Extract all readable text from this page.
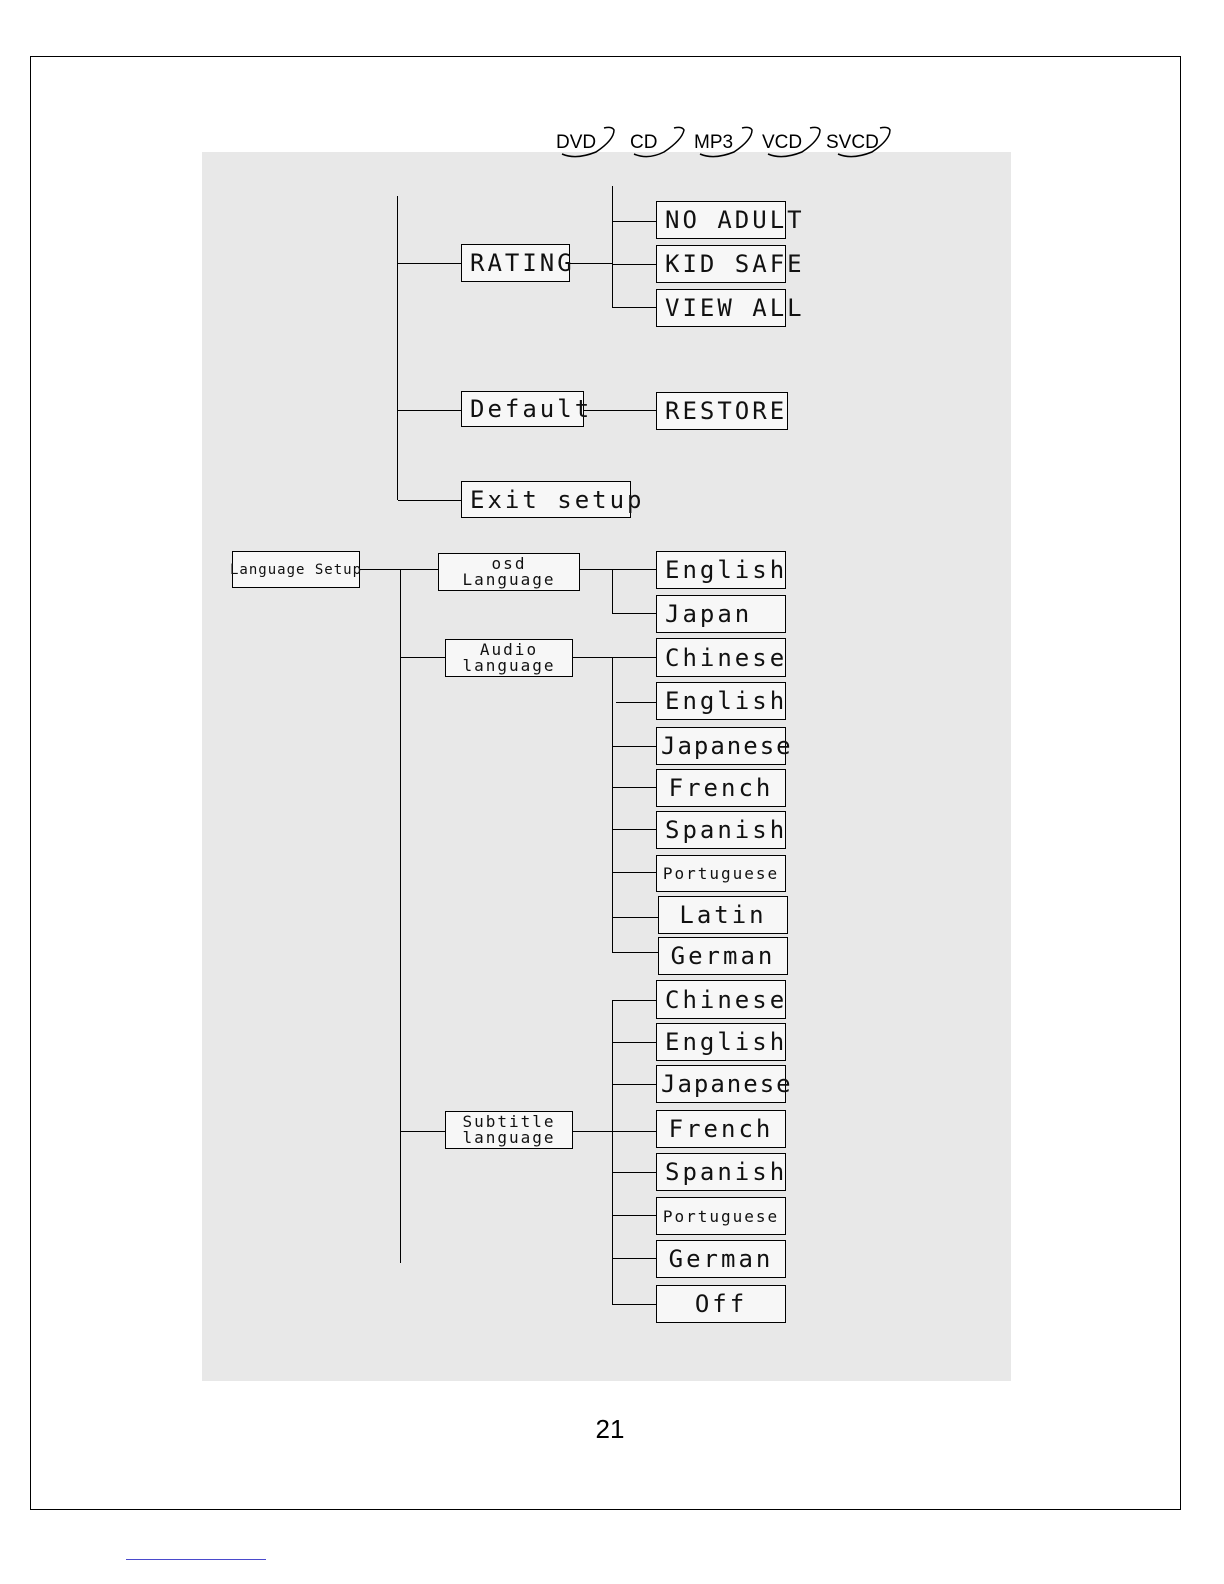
DVD CD MP3 VCD SVCD
RATING
NO ADULT
KID SAFE
VIEW ALL
Default	RESTORE
Exit setup
Language Setup	osd
Language	English
Japan
Audio
language	Chinese
English
Japanese
French
Spanish
Portuguese
Latin
German
Subtitle
language
Chinese
English
Japanese
French
Spanish
Portuguese
German
Off
21
